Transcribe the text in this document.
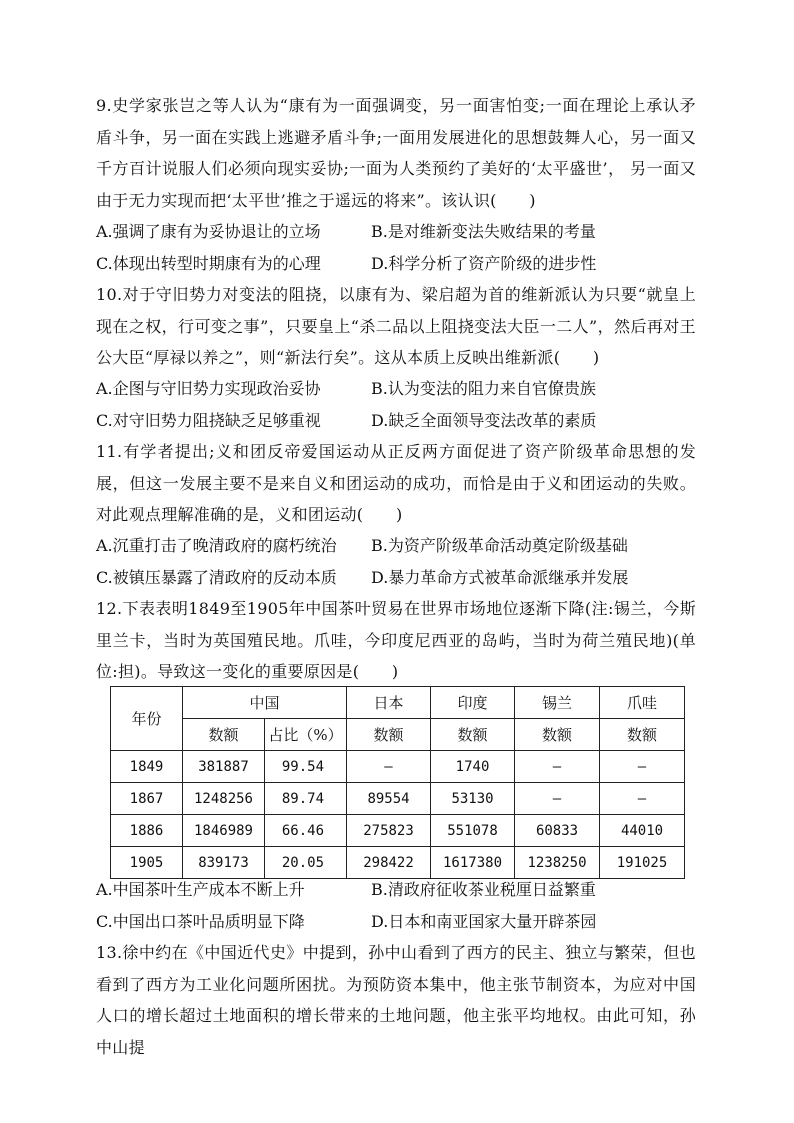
9.史学家张岂之等人认为“康有为一面强调变，另一面害怕变;一面在理论上承认矛盾斗争，另一面在实践上逃避矛盾斗争;一面用发展进化的思想鼓舞人心，另一面又千方百计说服人们必须向现实妥协;一面为人类预约了美好的‘太平盛世’， 另一面又由于无力实现而把‘太平世’推之于遥远的将来”。该认识(　　)
A.强调了康有为妥协退让的立场	B.是对维新变法失败结果的考量
C.体现出转型时期康有为的心理	D.科学分析了资产阶级的进步性
10.对于守旧势力对变法的阻挠，以康有为、梁启超为首的维新派认为只要“就皇上现在之权，行可变之事”，只要皇上“杀二品以上阻挠变法大臣一二人”，然后再对王公大臣“厚禄以养之”，则“新法行矣”。这从本质上反映出维新派(　　)
A.企图与守旧势力实现政治妥协	B.认为变法的阻力来自官僚贵族
C.对守旧势力阻挠缺乏足够重视	D.缺乏全面领导变法改革的素质
11.有学者提出;义和团反帝爱国运动从正反两方面促进了资产阶级革命思想的发展，但这一发展主要不是来自义和团运动的成功，而恰是由于义和团运动的失败。对此观点理解准确的是，义和团运动(　　)
A.沉重打击了晚清政府的腐朽统治	B.为资产阶级革命活动奠定阶级基础
C.被镇压暴露了清政府的反动本质	D.暴力革命方式被革命派继承并发展
12.下表表明1849至1905年中国茶叶贸易在世界市场地位逐渐下降(注:锡兰，今斯里兰卡，当时为英国殖民地。爪哇，今印度尼西亚的岛屿，当时为荷兰殖民地)(单位:担)。导致这一变化的重要原因是(　　)
年份	中国		日本	印度	锡兰	爪哇
	数额	占比（%）	数额	数额	数额	数额
1849	381887	99.54	—	1740	—	—
1867	1248256	89.74	89554	53130	—	—
1886	1846989	66.46	275823	551078	60833	44010
1905	839173	20.05	298422	1617380	1238250	191025
A.中国茶叶生产成本不断上升	B.清政府征收茶业税厘日益繁重
C.中国出口茶叶品质明显下降	D.日本和南亚国家大量开辟茶园
13.徐中约在《中国近代史》中提到，孙中山看到了西方的民主、独立与繁荣，但也看到了西方为工业化问题所困扰。为预防资本集中，他主张节制资本，为应对中国人口的增长超过土地面积的增长带来的土地问题，他主张平均地权。由此可知，孙中山提
